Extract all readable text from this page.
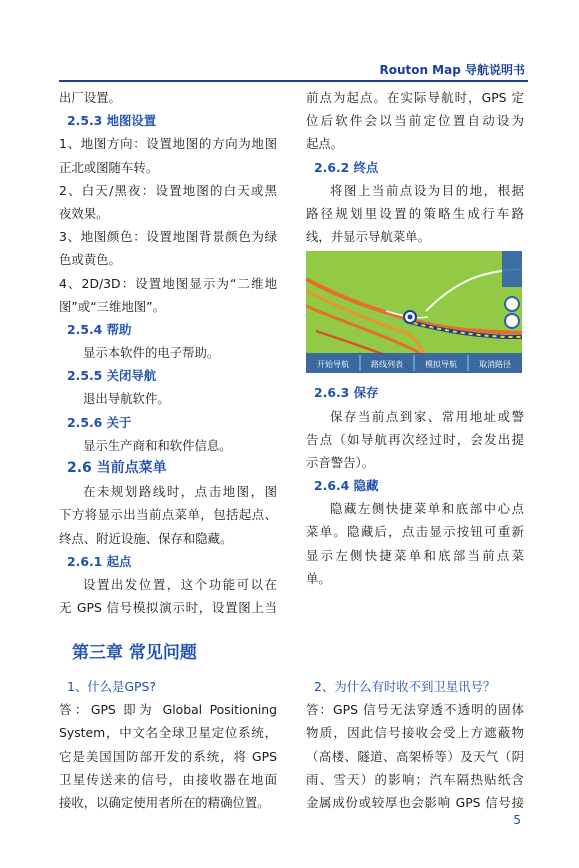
Routon Map 导航说明书
出厂设置。
2.5.3 地图设置
1、地图方向：设置地图的方向为地图
正北或图随车转。
2、白天/黑夜：设置地图的白天或黑
夜效果。
3、地图颜色：设置地图背景颜色为绿
色或黄色。
4、2D/3D：设置地图显示为“二维地
图”或“三维地图”。
2.5.4 帮助
显示本软件的电子帮助。
2.5.5 关闭导航
退出导航软件。
2.5.6 关于
显示生产商和和软件信息。
2.6 当前点菜单
在未规划路线时，点击地图，图
下方将显示出当前点菜单，包括起点、
终点、附近设施、保存和隐藏。
2.6.1 起点
设置出发位置，这个功能可以在
无 GPS 信号模拟演示时，设置图上当
前点为起点。在实际导航时，GPS 定
位后软件会以当前定位置自动设为
起点。
2.6.2 终点
将图上当前点设为目的地，根据
路径规划里设置的策略生成行车路
线，并显示导航菜单。
开始导航	路线列表	模拟导航	取消路径
2.6.3 保存
保存当前点到家、常用地址或警
告点（如导航再次经过时，会发出提
示音警告）。
2.6.4 隐藏
隐藏左侧快捷菜单和底部中心点
菜单。隐藏后，点击显示按钮可重新
显示左侧快捷菜单和底部当前点菜
单。
第三章 常见问题
1、什么是GPS?
答：GPS 即为 Global Positioning
System，中文名全球卫星定位系统，
它是美国国防部开发的系统，将 GPS
卫星传送来的信号，由接收器在地面
接收，以确定使用者所在的精确位置。
2、为什么有时收不到卫星讯号？
答：GPS 信号无法穿透不透明的固体
物质，因此信号接收会受上方遮蔽物
（高楼、隧道、高架桥等）及天气（阴
雨、雪天）的影响；汽车隔热贴纸含
金属成份或较厚也会影响 GPS 信号接
5
